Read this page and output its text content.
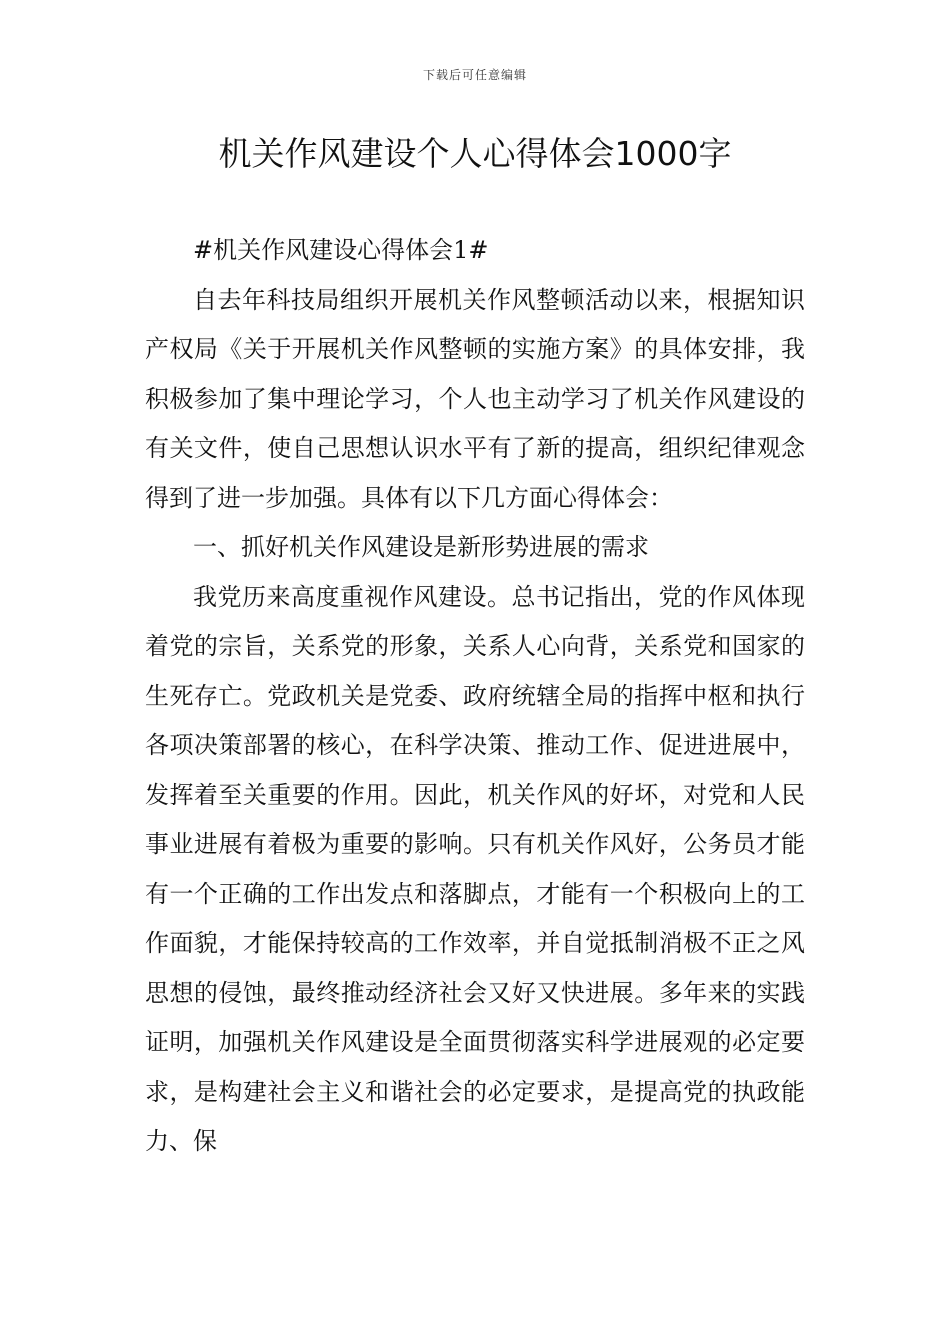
下载后可任意编辑
机关作风建设个人心得体会1000字

#机关作风建设心得体会1#

自去年科技局组织开展机关作风整顿活动以来，根据知识产权局《关于开展机关作风整顿的实施方案》的具体安排，我积极参加了集中理论学习，个人也主动学习了机关作风建设的有关文件，使自己思想认识水平有了新的提高，组织纪律观念得到了进一步加强。具体有以下几方面心得体会：

一、抓好机关作风建设是新形势进展的需求

我党历来高度重视作风建设。总书记指出，党的作风体现着党的宗旨，关系党的形象，关系人心向背，关系党和国家的生死存亡。党政机关是党委、政府统辖全局的指挥中枢和执行各项决策部署的核心，在科学决策、推动工作、促进进展中，发挥着至关重要的作用。因此，机关作风的好坏，对党和人民事业进展有着极为重要的影响。只有机关作风好，公务员才能有一个正确的工作出发点和落脚点，才能有一个积极向上的工作面貌，才能保持较高的工作效率，并自觉抵制消极不正之风思想的侵蚀，最终推动经济社会又好又快进展。多年来的实践证明，加强机关作风建设是全面贯彻落实科学进展观的必定要求，是构建社会主义和谐社会的必定要求，是提高党的执政能力、保
